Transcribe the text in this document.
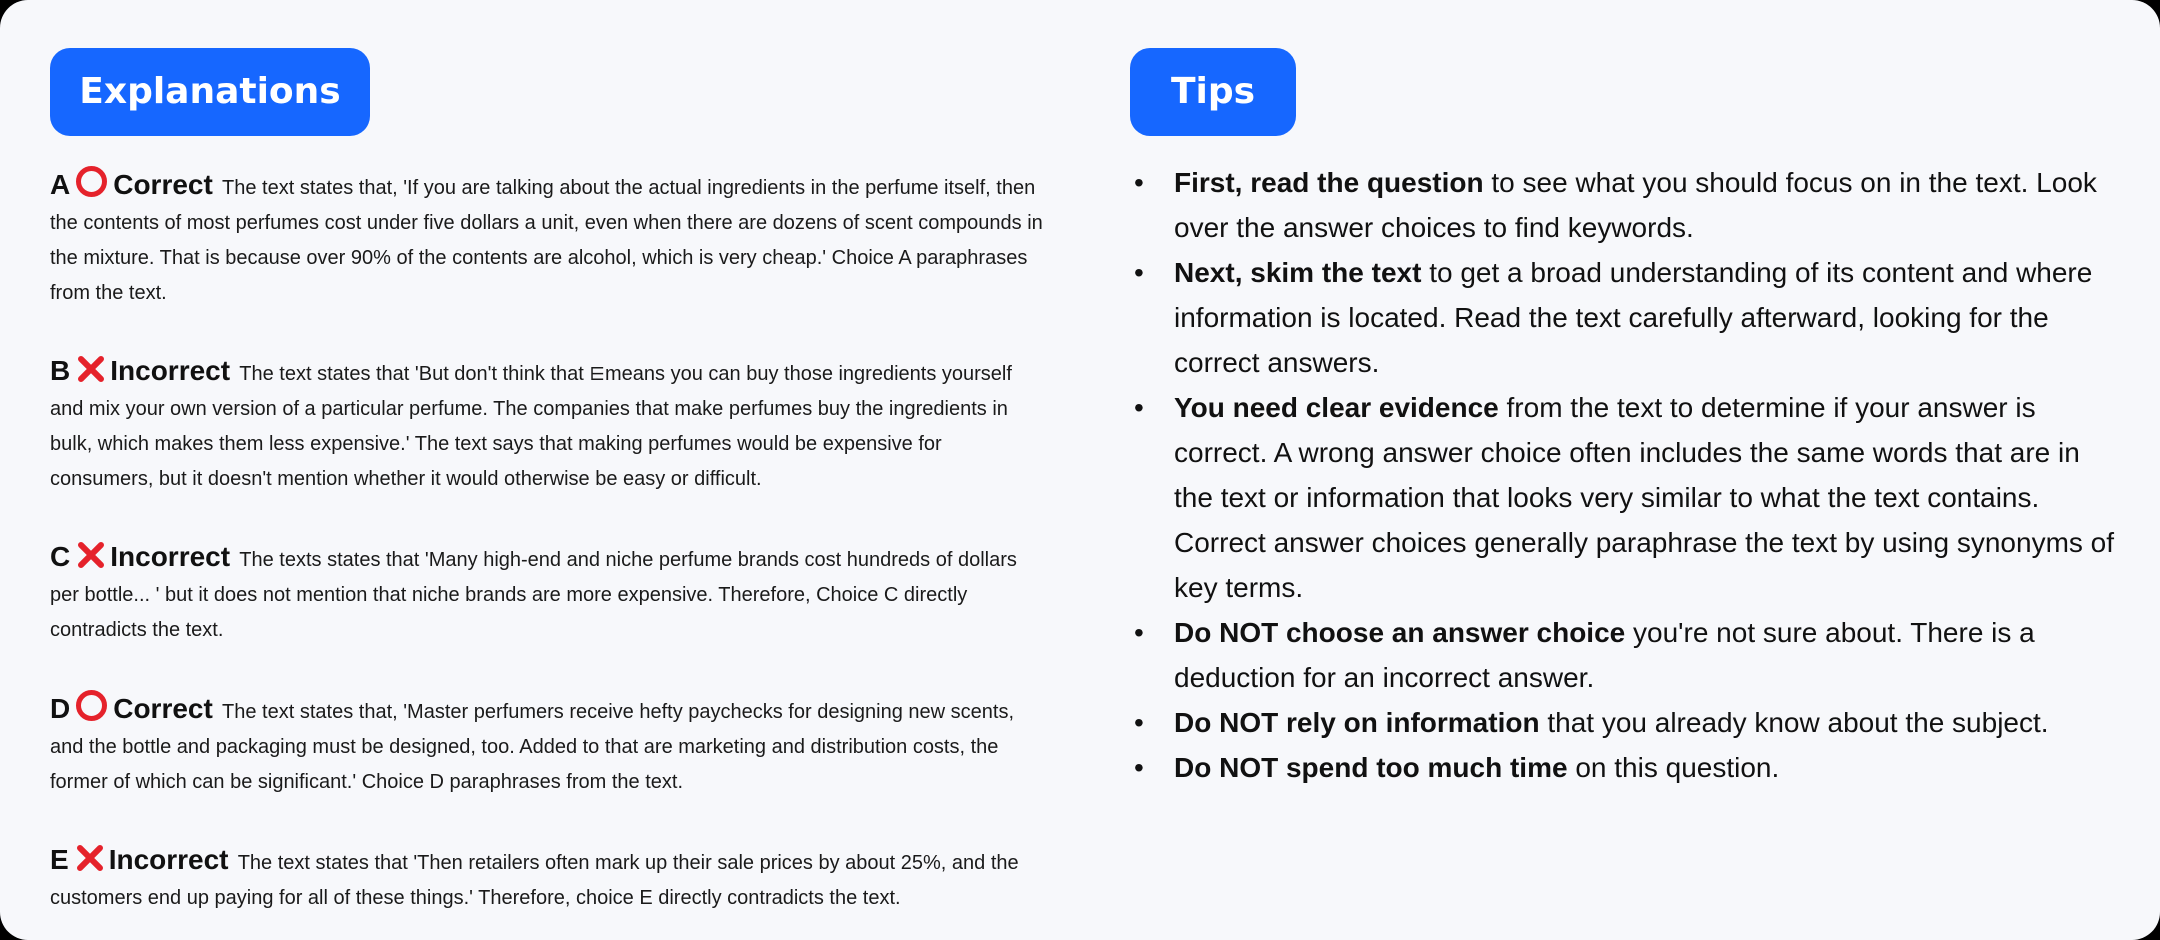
Explanations	Tips

A ○ Correct The text states that, 'If you are talking about the actual ingredients in the perfume itself, then the contents of most perfumes cost under five dollars a unit, even when there are dozens of scent compounds in the mixture. That is because over 90% of the contents are alcohol, which is very cheap.' Choice A paraphrases from the text.

B Incorrect The text states that 'But don't think that ⋿means you can buy those ingredients yourself and mix your own version of a particular perfume. The companies that make perfumes buy the ingredients in bulk, which makes them less expensive.' The text says that making perfumes would be expensive for consumers, but it doesn't mention whether it would otherwise be easy or difficult.

C Incorrect The texts states that 'Many high-end and niche perfume brands cost hundreds of dollars per bottle... ' but it does not mention that niche brands are more expensive. Therefore, Choice C directly contradicts the text.

D ○ Correct The text states that, 'Master perfumers receive hefty paychecks for designing new scents, and the bottle and packaging must be designed, too. Added to that are marketing and distribution costs, the former of which can be significant.' Choice D paraphrases from the text.

E Incorrect The text states that 'Then retailers often mark up their sale prices by about 25%, and the customers end up paying for all of these things.' Therefore, choice E directly contradicts the text.

• First, read the question to see what you should focus on in the text. Look over the answer choices to find keywords.
• Next, skim the text to get a broad understanding of its content and where information is located. Read the text carefully afterward, looking for the correct answers.
• You need clear evidence from the text to determine if your answer is correct. A wrong answer choice often includes the same words that are in the text or information that looks very similar to what the text contains. Correct answer choices generally paraphrase the text by using synonyms of key terms.
• Do NOT choose an answer choice you're not sure about. There is a deduction for an incorrect answer.
• Do NOT rely on information that you already know about the subject.
• Do NOT spend too much time on this question.
